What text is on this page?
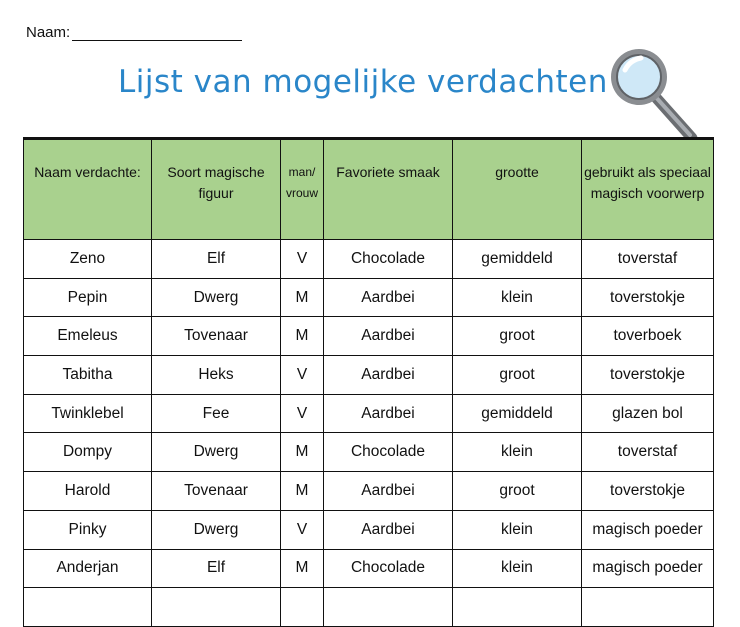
Naam:
Lijst van mogelijke verdachten
Naam verdachte:	Soort magische figuur	man/ vrouw	Favoriete smaak	grootte	gebruikt als speciaal magisch voorwerp
Zeno	Elf	V	Chocolade	gemiddeld	toverstaf
Pepin	Dwerg	M	Aardbei	klein	toverstokje
Emeleus	Tovenaar	M	Aardbei	groot	toverboek
Tabitha	Heks	V	Aardbei	groot	toverstokje
Twinklebel	Fee	V	Aardbei	gemiddeld	glazen bol
Dompy	Dwerg	M	Chocolade	klein	toverstaf
Harold	Tovenaar	M	Aardbei	groot	toverstokje
Pinky	Dwerg	V	Aardbei	klein	magisch poeder
Anderjan	Elf	M	Chocolade	klein	magisch poeder
